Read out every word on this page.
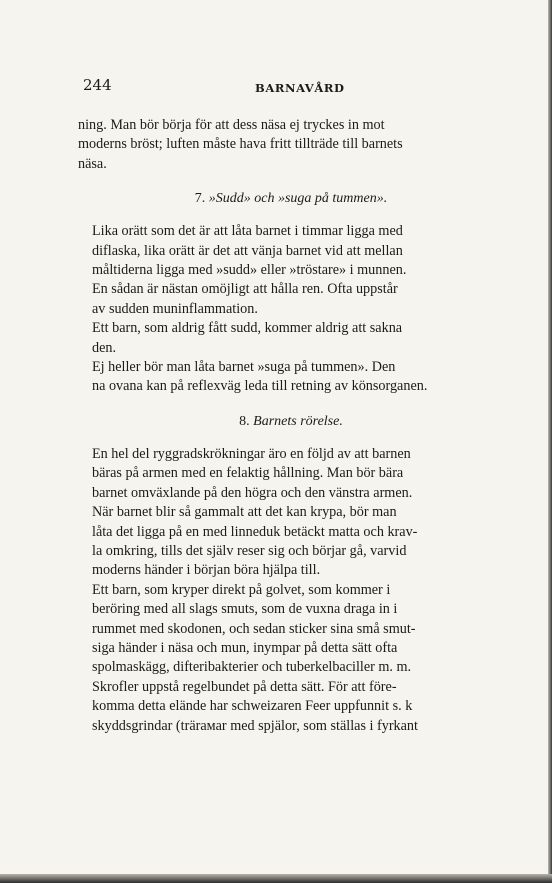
244	BARNAVÅRD

ning. Man bör börja för att dess näsa ej tryckes in mot
moderns bröst; luften måste hava fritt tillträde till barnets
näsa.

7. »Sudd» och »suga på tummen».

Lika orätt som det är att låta barnet i timmar ligga med
diflaska, lika orätt är det att vänja barnet vid att mellan
måltiderna ligga med »sudd» eller »tröstare» i munnen.
En sådan är nästan omöjligt att hålla ren. Ofta uppstår
av sudden muninflammation.

Ett barn, som aldrig fått sudd, kommer aldrig att sakna
den.

Ej heller bör man låta barnet »suga på tummen». Den
na ovana kan på reflexväg leda till retning av könsorganen.

8. Barnets rörelse.

En hel del ryggradskrökningar äro en följd av att barnen
bäras på armen med en felaktig hållning. Man bör bära
barnet omväxlande på den högra och den vänstra armen.
När barnet blir så gammalt att det kan krypa, bör man
låta det ligga på en med linneduk betäckt matta och krav-
la omkring, tills det själv reser sig och börjar gå, varvid
moderns händer i början böra hjälpa till.

Ett barn, som kryper direkt på golvet, som kommer i
beröring med all slags smuts, som de vuxna draga in i
rummet med skodonen, och sedan sticker sina små smut-
siga händer i näsa och mun, inympar på detta sätt ofta
spolmaskägg, difteribakterier och tuberkelbaciller m. m.
Skrofler uppstå regelbundet på detta sätt. För att före-
komma detta elände har schweizaren Feer uppfunnit s. k
skyddsgrindar (trärамar med spjälor, som ställas i fyrkant
